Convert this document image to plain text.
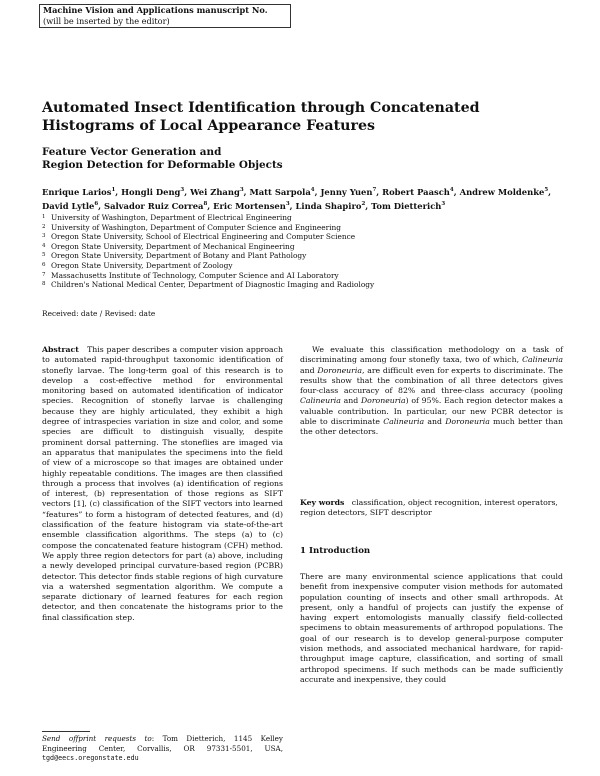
Machine Vision and Applications manuscript No.
(will be inserted by the editor)
Automated Insect Identification through Concatenated Histograms of Local Appearance Features
Feature Vector Generation and
Region Detection for Deformable Objects
Enrique Larios$^1$, Hongli Deng$^3$, Wei Zhang$^3$, Matt Sarpola$^4$, Jenny Yuen$^7$, Robert Paasch$^4$, Andrew Moldenke$^5$, David Lytle$^6$, Salvador Ruiz Correa$^8$, Eric Mortensen$^3$, Linda Shapiro$^2$, Tom Dietterich$^3$
1 University of Washington, Department of Electrical Engineering
2 University of Washington, Department of Computer Science and Engineering
3 Oregon State University, School of Electrical Engineering and Computer Science
4 Oregon State University, Department of Mechanical Engineering
5 Oregon State University, Department of Botany and Plant Pathology
6 Oregon State University, Department of Zoology
7 Massachusetts Institute of Technology, Computer Science and AI Laboratory
8 Children's National Medical Center, Department of Diagnostic Imaging and Radiology
Received: date / Revised: date

Abstract This paper describes a computer vision approach to automated rapid-throughput taxonomic identification of stonefly larvae. The long-term goal of this research is to develop a cost-effective method for environmental monitoring based on automated identification of indicator species. Recognition of stonefly larvae is challenging because they are highly articulated, they exhibit a high degree of intraspecies variation in size and color, and some species are difficult to distinguish visually, despite prominent dorsal patterning. The stoneflies are imaged via an apparatus that manipulates the specimens into the field of view of a microscope so that images are obtained under highly repeatable conditions. The images are then classified through a process that involves (a) identification of regions of interest, (b) representation of those regions as SIFT vectors [1], (c) classification of the SIFT vectors into learned “features” to form a histogram of detected features, and (d) classification of the feature histogram via state-of-the-art ensemble classification algorithms. The steps (a) to (c) compose the concatenated feature histogram (CFH) method. We apply three region detectors for part (a) above, including a newly developed principal curvature-based region (PCBR) detector. This detector finds stable regions of high curvature via a watershed segmentation algorithm. We compute a separate dictionary of learned features for each region detector, and then concatenate the histograms prior to the final classification step.

We evaluate this classification methodology on a task of discriminating among four stonefly taxa, two of which, Calineuria and Doroneuria, are difficult even for experts to discriminate. The results show that the combination of all three detectors gives four-class accuracy of 82% and three-class accuracy (pooling Calineuria and Doroneuria) of 95%. Each region detector makes a valuable contribution. In particular, our new PCBR detector is able to discriminate Calineuria and Doroneuria much better than the other detectors.

Key words classification, object recognition, interest operators, region detectors, SIFT descriptor
1 Introduction

There are many environmental science applications that could benefit from inexpensive computer vision methods for automated population counting of insects and other small arthropods. At present, only a handful of projects can justify the expense of having expert entomologists manually classify field-collected specimens to obtain measurements of arthropod populations. The goal of our research is to develop general-purpose computer vision methods, and associated mechanical hardware, for rapid-throughput image capture, classification, and sorting of small arthropod specimens. If such methods can be made sufficiently accurate and inexpensive, they could

Send offprint requests to: Tom Dietterich, 1145 Kelley Engineering Center, Corvallis, OR 97331-5501, USA, tgd@eecs.oregonstate.edu
